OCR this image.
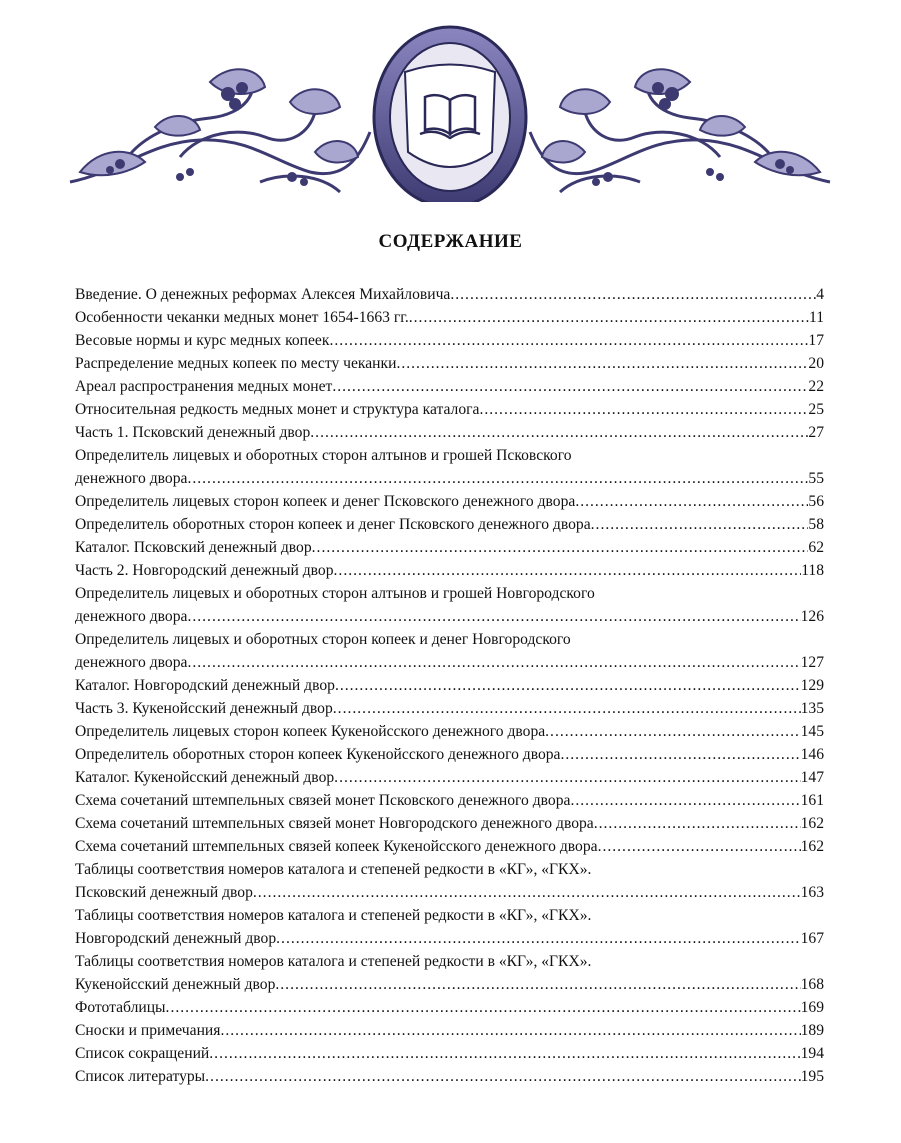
СОДЕРЖАНИЕ
Введение. О денежных реформах Алексея Михайловича .....	4
Особенности чеканки медных монет 1654-1663 гг. .....	11
Весовые нормы и курс медных копеек .....	17
Распределение медных копеек по месту чеканки .....	20
Ареал распространения медных монет .....	22
Относительная редкость медных монет и структура каталога .....	25
Часть 1. Псковский денежный двор .....	27
Определитель лицевых и оборотных сторон алтынов и грошей Псковского
денежного двора .....	55
Определитель лицевых сторон копеек и денег Псковского денежного двора .....	56
Определитель оборотных сторон копеек и денег Псковского денежного двора .....	58
Каталог. Псковский денежный двор .....	62
Часть 2. Новгородский денежный двор .....	118
Определитель лицевых и оборотных сторон алтынов и грошей Новгородского
денежного двора .....	126
Определитель лицевых и оборотных сторон копеек и денег Новгородского
денежного двора .....	127
Каталог. Новгородский денежный двор .....	129
Часть 3. Кукенойсский денежный двор .....	135
Определитель лицевых сторон копеек Кукенойсского денежного двора .....	145
Определитель оборотных сторон копеек Кукенойсского денежного двора .....	146
Каталог. Кукенойсский денежный двор .....	147
Схема сочетаний штемпельных связей монет Псковского денежного двора .....	161
Схема сочетаний штемпельных связей монет Новгородского денежного двора .....	162
Схема сочетаний штемпельных связей копеек Кукенойсского денежного двора .....	162
Таблицы соответствия номеров каталога и степеней редкости в «КГ», «ГКХ».
Псковский денежный двор .....	163
Таблицы соответствия номеров каталога и степеней редкости в «КГ», «ГКХ».
Новгородский денежный двор .....	167
Таблицы соответствия номеров каталога и степеней редкости в «КГ», «ГКХ».
Кукенойсский денежный двор .....	168
Фототаблицы .....	169
Сноски и примечания .....	189
Список сокращений .....	194
Список литературы .....	195
